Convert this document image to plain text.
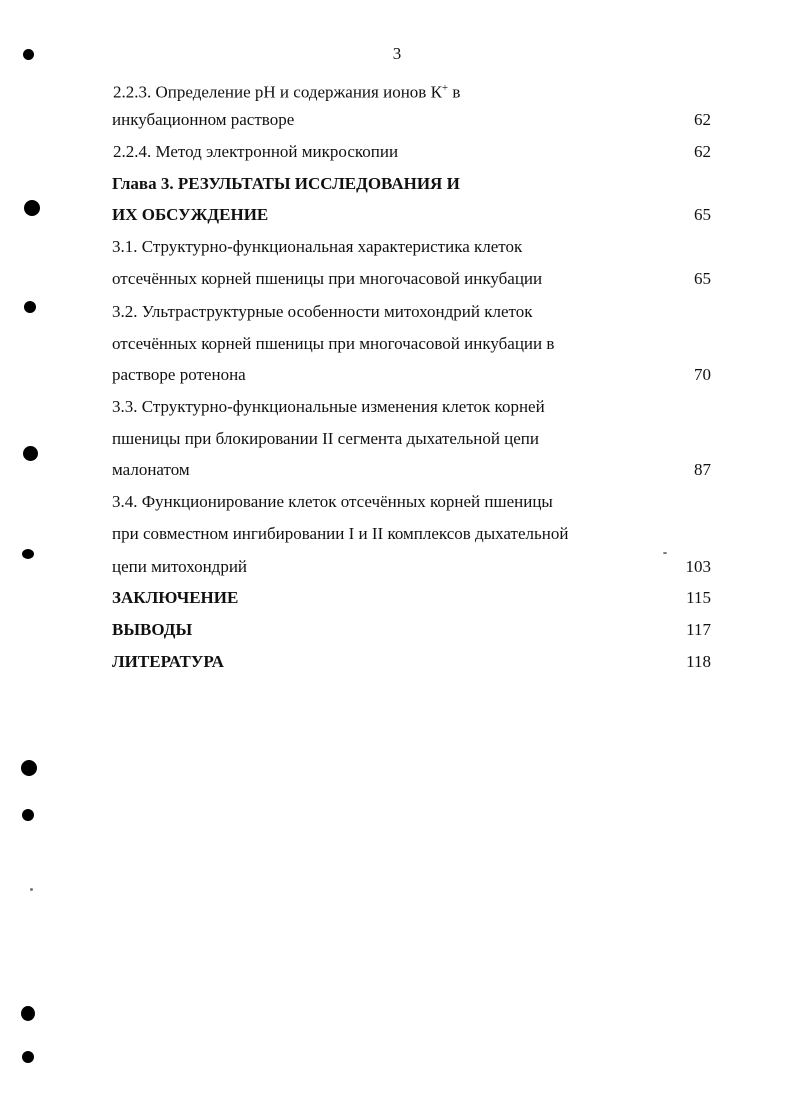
3
2.2.3. Определение рН и содержания ионов К+ в
инкубационном растворе	62
2.2.4. Метод электронной микроскопии	62
Глава 3. РЕЗУЛЬТАТЫ ИССЛЕДОВАНИЯ И
ИХ ОБСУЖДЕНИЕ	65
3.1. Структурно-функциональная характеристика клеток
отсечённых корней пшеницы при многочасовой инкубации	65
3.2. Ультраструктурные особенности митохондрий клеток
отсечённых корней пшеницы при многочасовой инкубации в
растворе ротенона	70
3.3. Структурно-функциональные изменения клеток корней
пшеницы при блокировании II сегмента дыхательной цепи
малонатом	87
3.4. Функционирование клеток отсечённых корней пшеницы
при совместном ингибировании I и II комплексов дыхательной
цепи митохондрий	103
ЗАКЛЮЧЕНИЕ	115
ВЫВОДЫ	117
ЛИТЕРАТУРА	118
